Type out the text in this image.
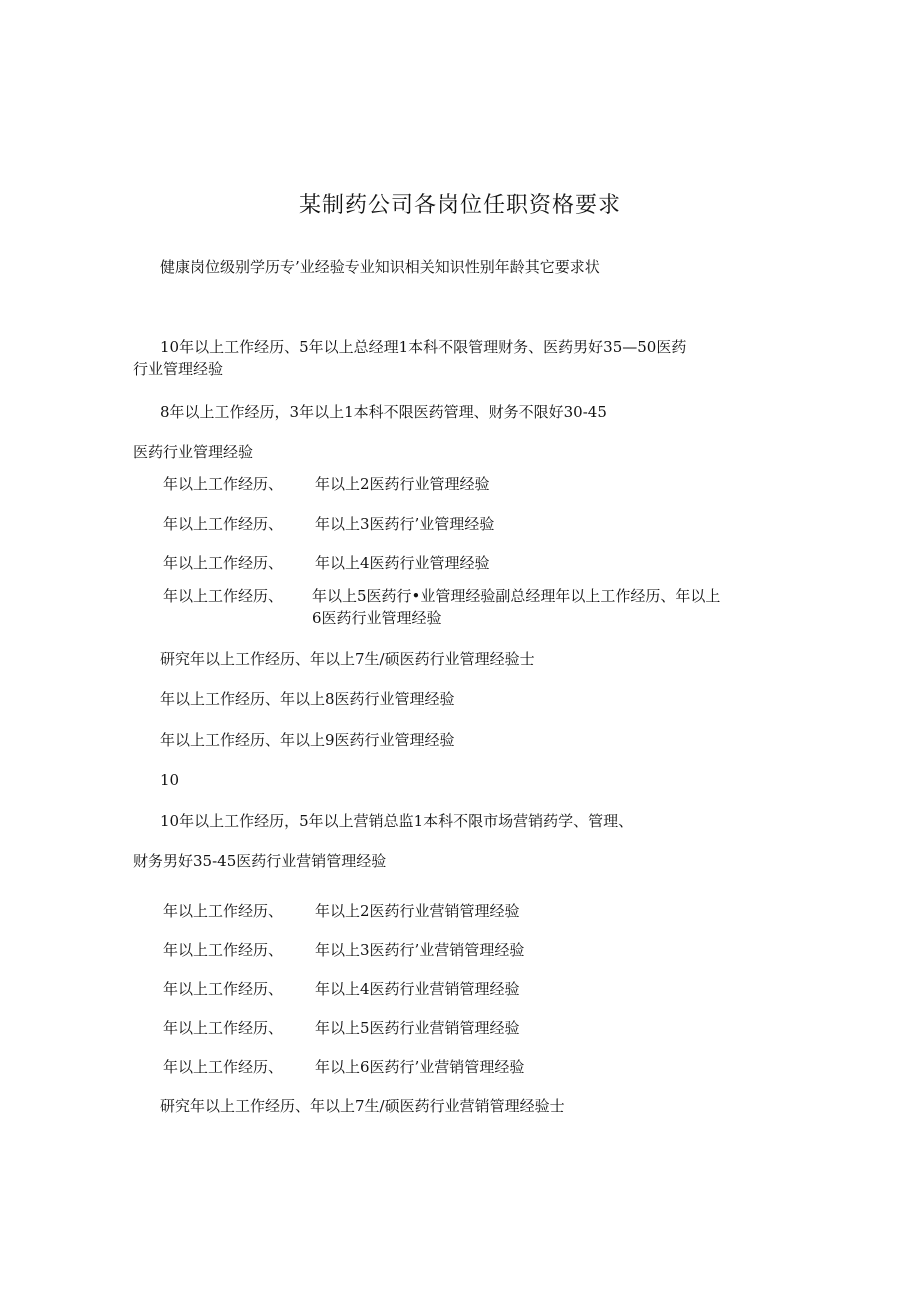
某制药公司各岗位任职资格要求
健康岗位级别学历专’业经验专业知识相关知识性别年龄其它要求状
10年以上工作经历、5年以上总经理1本科不限管理财务、医药男好35—50医药
行业管理经验
8年以上工作经历，3年以上1本科不限医药管理、财务不限好30-45
医药行业管理经验
年以上工作经历、 年以上2医药行业管理经验
年以上工作经历、 年以上3医药行’业管理经验
年以上工作经历、 年以上4医药行业管理经验
年以上工作经历、 年以上5医药行•业管理经验副总经理年以上工作经历、年以上
6医药行业管理经验
研究年以上工作经历、年以上7生/硕医药行业管理经验士
年以上工作经历、年以上8医药行业管理经验
年以上工作经历、年以上9医药行业管理经验
10
10年以上工作经历，5年以上营销总监1本科不限市场营销药学、管理、
财务男好35-45医药行业营销管理经验
年以上工作经历、 年以上2医药行业营销管理经验
年以上工作经历、 年以上3医药行’业营销管理经验
年以上工作经历、 年以上4医药行业营销管理经验
年以上工作经历、 年以上5医药行业营销管理经验
年以上工作经历、 年以上6医药行’业营销管理经验
研究年以上工作经历、年以上7生/硕医药行业营销管理经验士
